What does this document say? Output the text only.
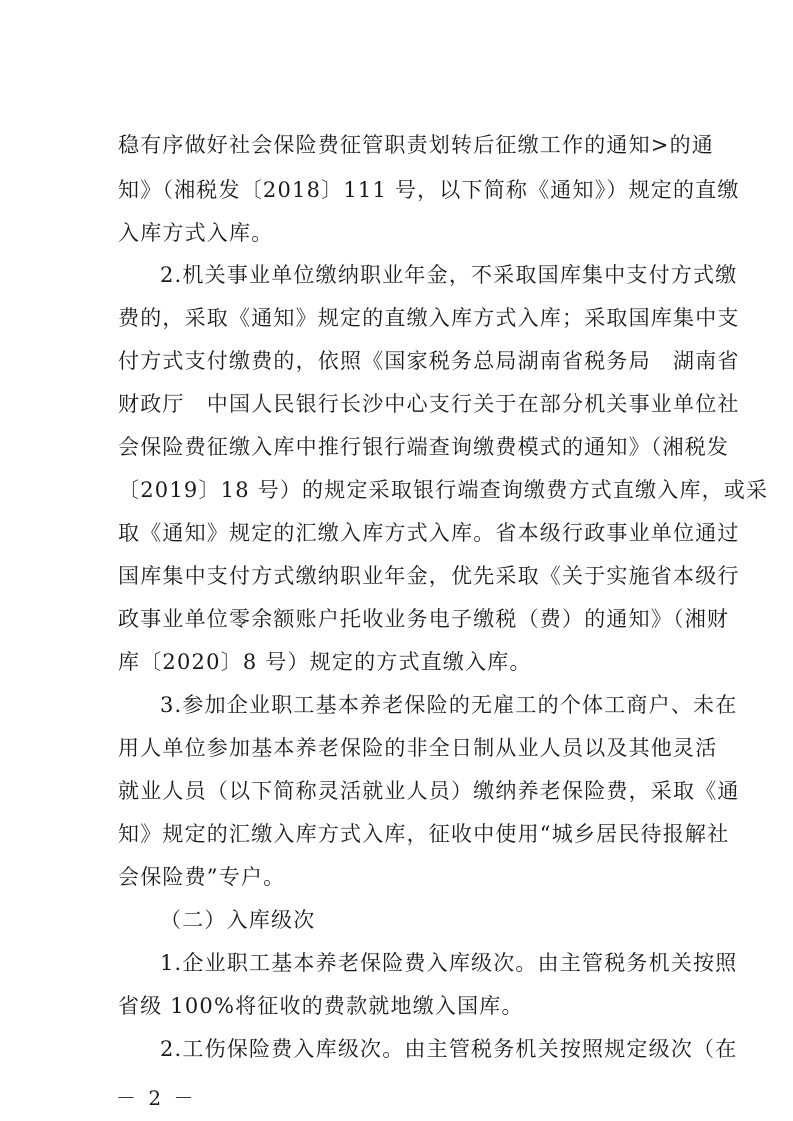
稳有序做好社会保险费征管职责划转后征缴工作的通知>的通
知》（湘税发〔2018〕111 号，以下简称《通知》）规定的直缴
入库方式入库。
2.机关事业单位缴纳职业年金，不采取国库集中支付方式缴
费的，采取《通知》规定的直缴入库方式入库；采取国库集中支
付方式支付缴费的，依照《国家税务总局湖南省税务局　湖南省
财政厅　中国人民银行长沙中心支行关于在部分机关事业单位社
会保险费征缴入库中推行银行端查询缴费模式的通知》（湘税发
〔2019〕18 号）的规定采取银行端查询缴费方式直缴入库，或采
取《通知》规定的汇缴入库方式入库。省本级行政事业单位通过
国库集中支付方式缴纳职业年金，优先采取《关于实施省本级行
政事业单位零余额账户托收业务电子缴税（费）的通知》（湘财
库〔2020〕8 号）规定的方式直缴入库。
3.参加企业职工基本养老保险的无雇工的个体工商户、未在
用人单位参加基本养老保险的非全日制从业人员以及其他灵活
就业人员（以下简称灵活就业人员）缴纳养老保险费，采取《通
知》规定的汇缴入库方式入库，征收中使用“城乡居民待报解社
会保险费”专户。
（二）入库级次
1.企业职工基本养老保险费入库级次。由主管税务机关按照
省级 100%将征收的费款就地缴入国库。
2.工伤保险费入库级次。由主管税务机关按照规定级次（在
－ 2 －
